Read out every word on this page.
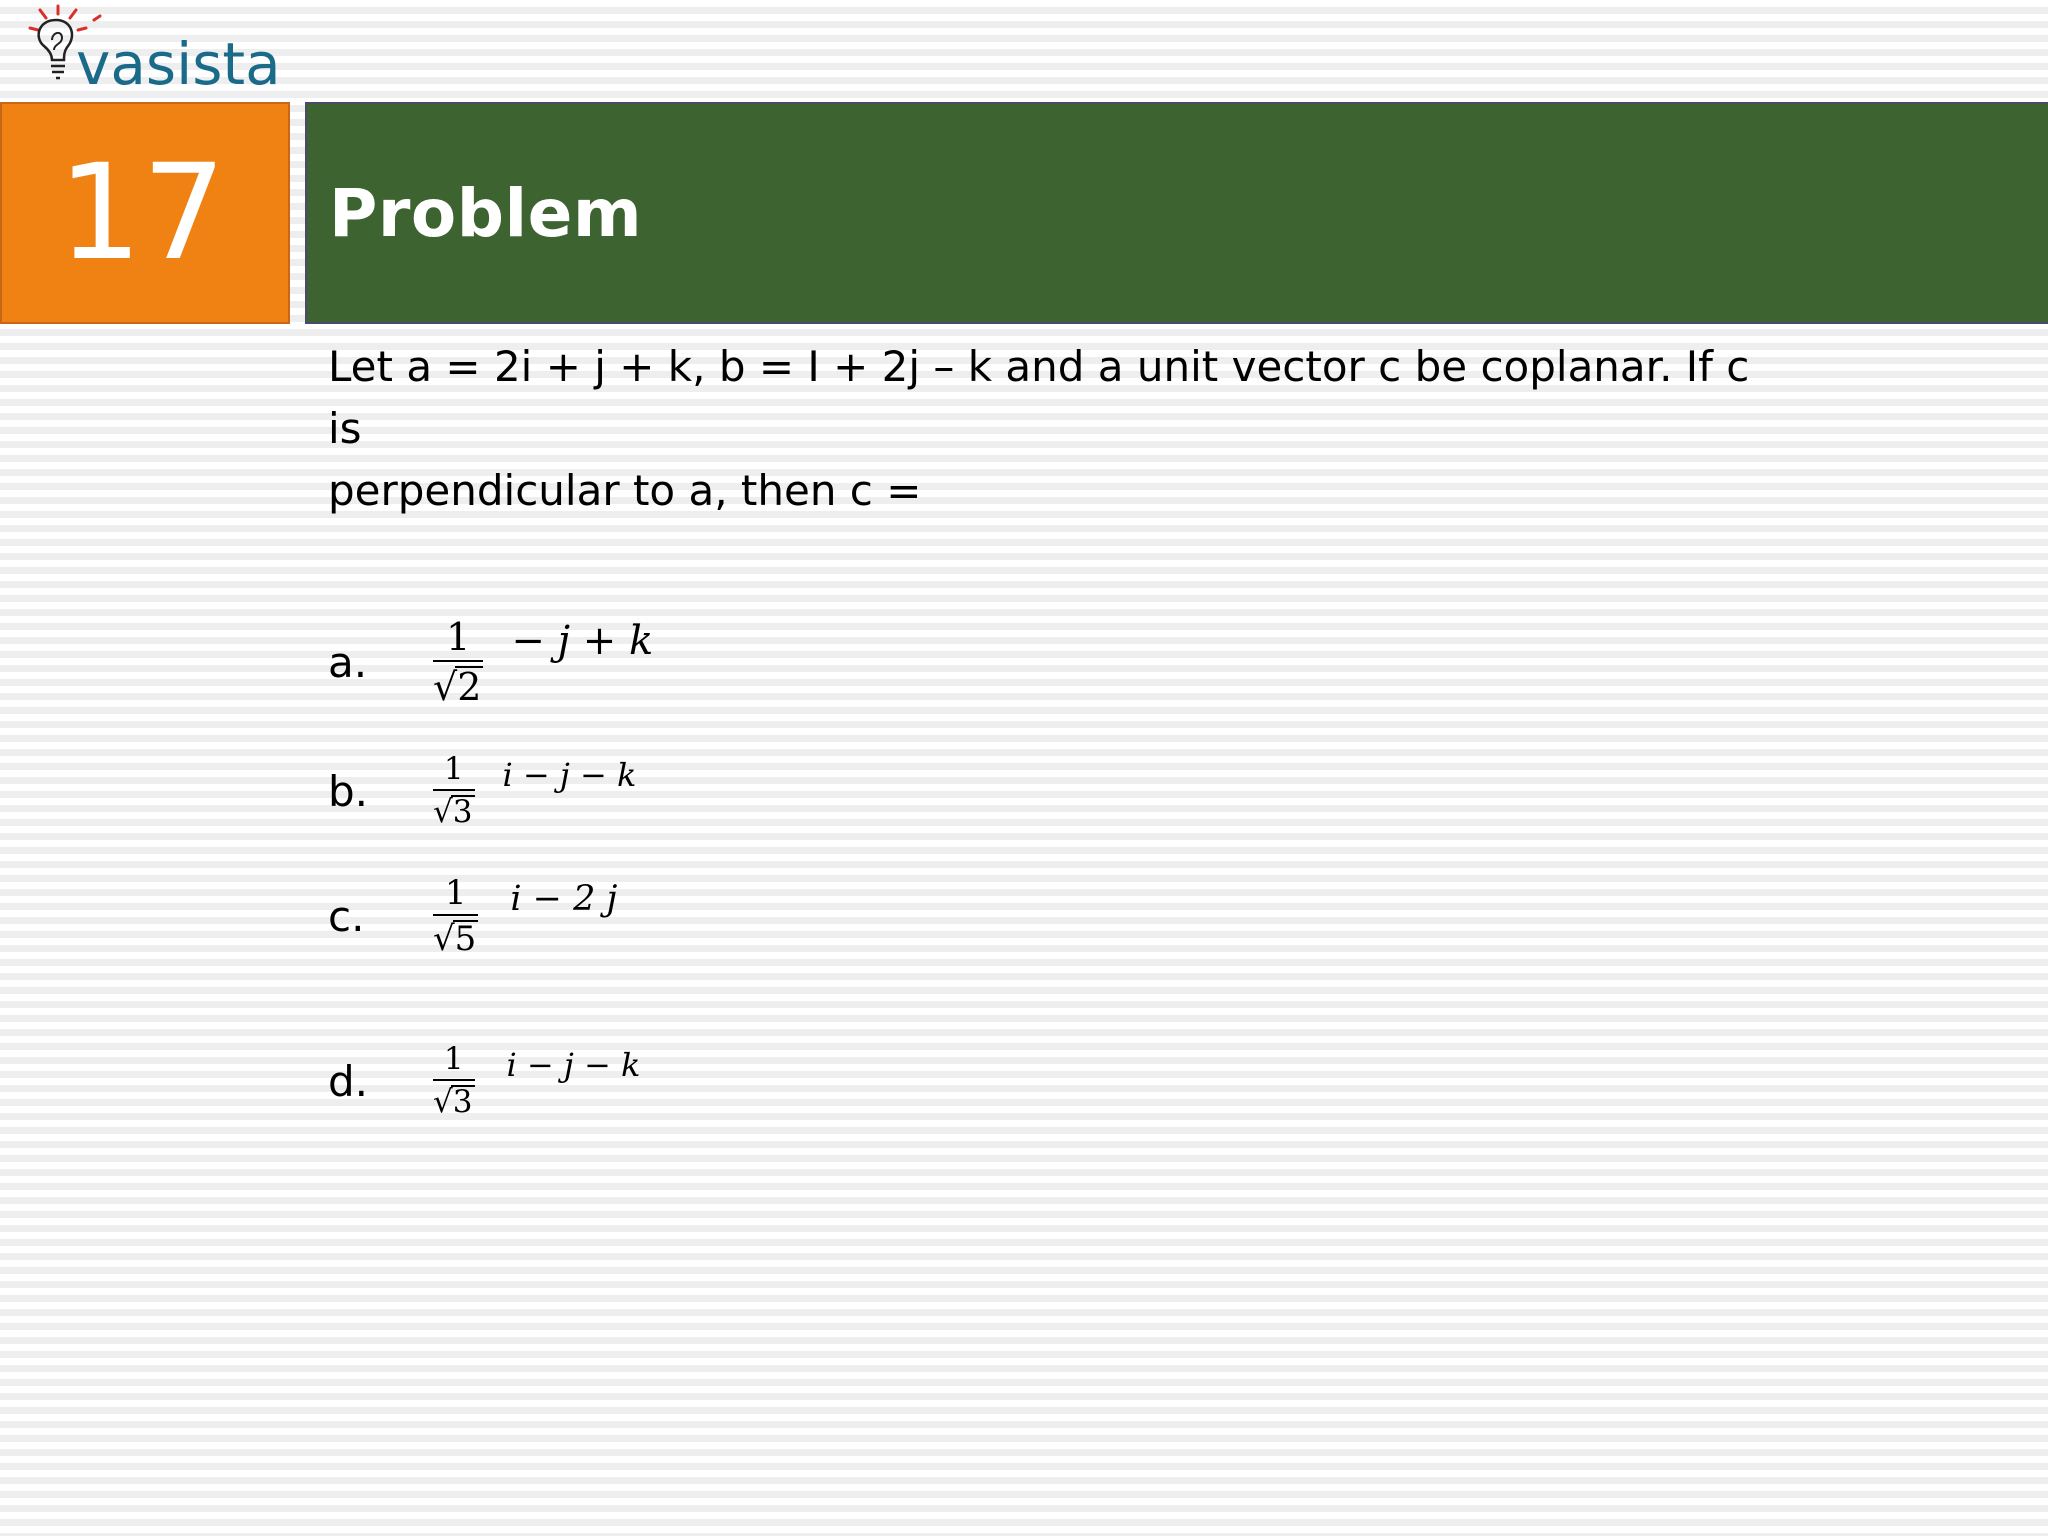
vasista
17 Problem
Let a = 2i + j + k, b = I + 2j – k and a unit vector c be coplanar. If c is
perpendicular to a, then c =
a.	$\frac{1}{√ 2} - j + k$
b.	$\frac{1}{√ 3}$ i − j − k
c.	$\frac{1}{√ 5}$ i − 2 j
d.	$\frac{1}{√ 3}$ i − j − k
